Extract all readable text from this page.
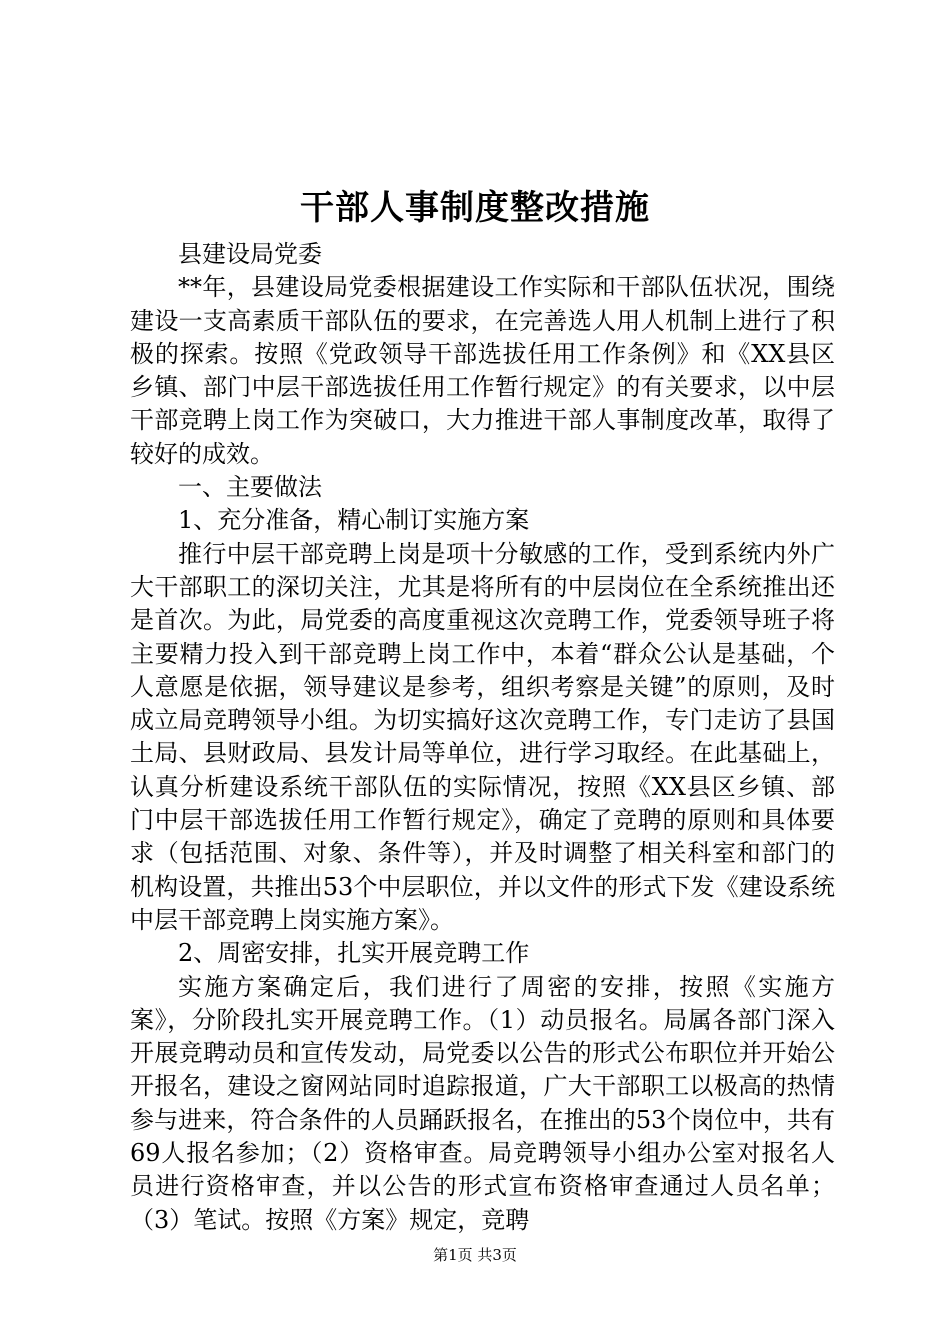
干部人事制度整改措施

县建设局党委

**年，县建设局党委根据建设工作实际和干部队伍状况，围绕建设一支高素质干部队伍的要求，在完善选人用人机制上进行了积极的探索。按照《党政领导干部选拔任用工作条例》和《XX县区乡镇、部门中层干部选拔任用工作暂行规定》的有关要求，以中层干部竞聘上岗工作为突破口，大力推进干部人事制度改革，取得了较好的成效。

一、主要做法

1、充分准备，精心制订实施方案

推行中层干部竞聘上岗是项十分敏感的工作，受到系统内外广大干部职工的深切关注，尤其是将所有的中层岗位在全系统推出还是首次。为此，局党委的高度重视这次竞聘工作，党委领导班子将主要精力投入到干部竞聘上岗工作中，本着“群众公认是基础，个人意愿是依据，领导建议是参考，组织考察是关键”的原则，及时成立局竞聘领导小组。为切实搞好这次竞聘工作，专门走访了县国土局、县财政局、县发计局等单位，进行学习取经。在此基础上，认真分析建设系统干部队伍的实际情况，按照《XX县区乡镇、部门中层干部选拔任用工作暂行规定》，确定了竞聘的原则和具体要求（包括范围、对象、条件等），并及时调整了相关科室和部门的机构设置，共推出53个中层职位，并以文件的形式下发《建设系统中层干部竞聘上岗实施方案》。

2、周密安排，扎实开展竞聘工作

实施方案确定后，我们进行了周密的安排，按照《实施方案》，分阶段扎实开展竞聘工作。（1）动员报名。局属各部门深入开展竞聘动员和宣传发动，局党委以公告的形式公布职位并开始公开报名，建设之窗网站同时追踪报道，广大干部职工以极高的热情参与进来，符合条件的人员踊跃报名，在推出的53个岗位中，共有69人报名参加；（2）资格审查。局竞聘领导小组办公室对报名人员进行资格审查，并以公告的形式宣布资格审查通过人员名单；（3）笔试。按照《方案》规定，竞聘

第1页 共3页
